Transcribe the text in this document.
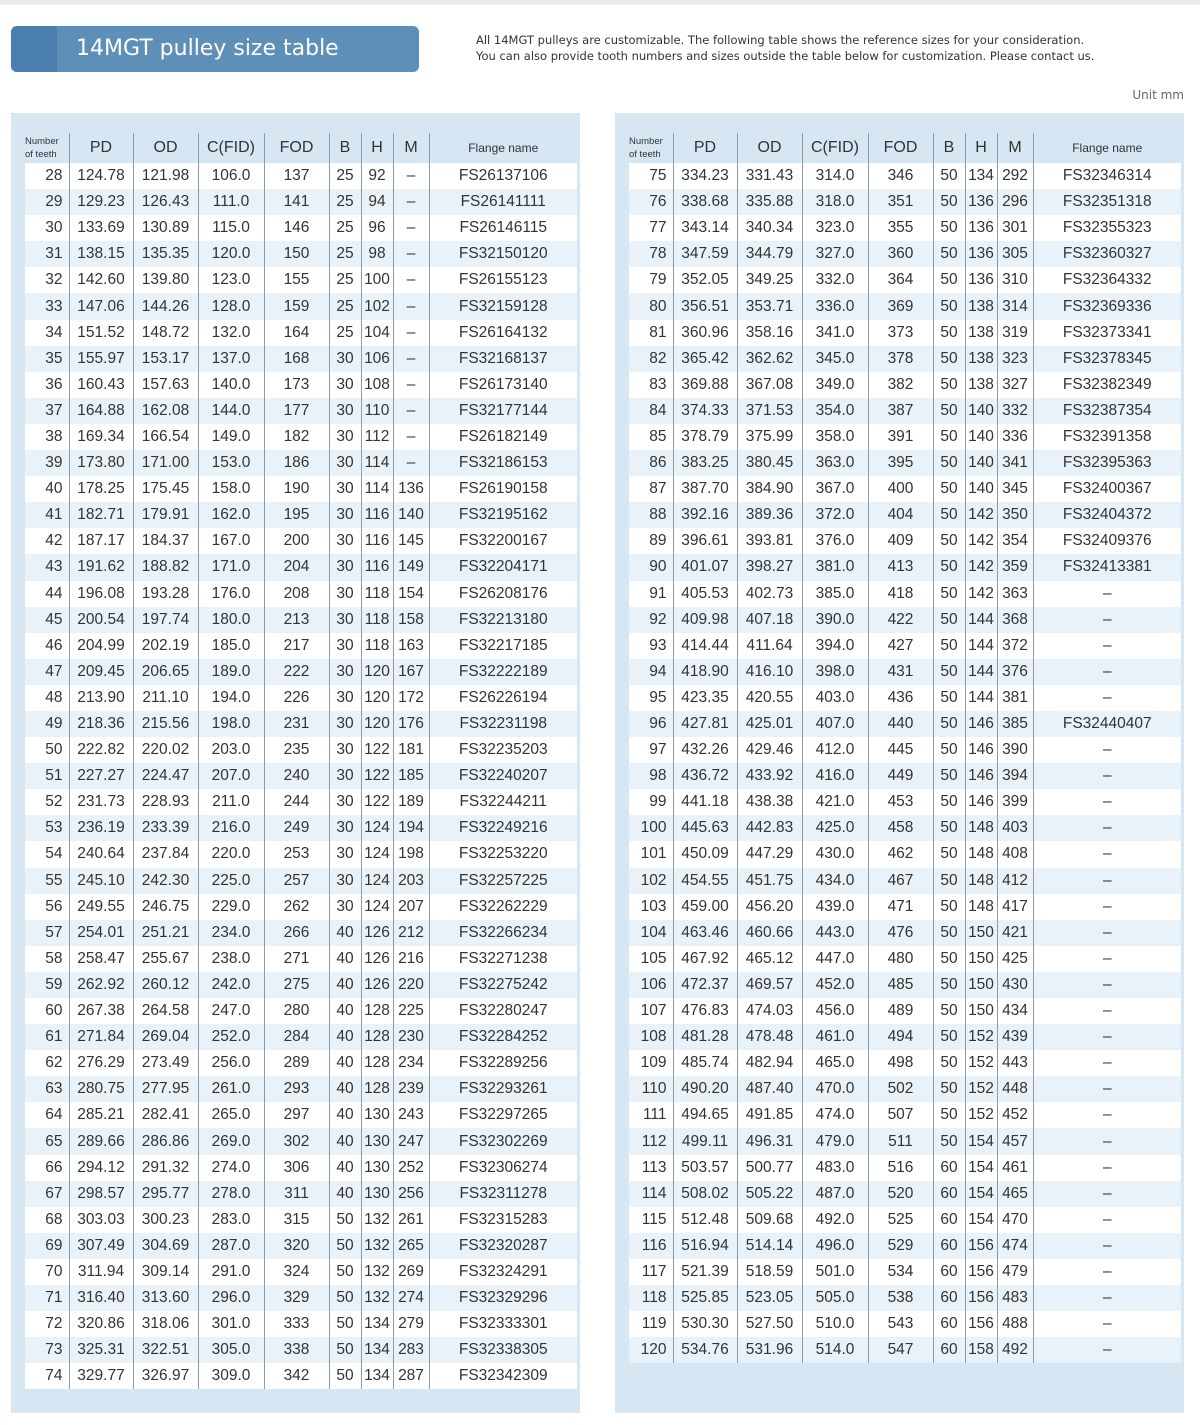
14MGT pulley size table	All 14MGT pulleys are customizable. The following table shows the reference sizes for your consideration.
You can also provide tooth numbers and sizes outside the table below for customization. Please contact us.
Unit mm
Number
of teeth	PD	OD	C(FID)	FOD	B	H	M	Flange name
28	124.78	121.98	106.0	137	25	92	–	FS26137106
29	129.23	126.43	111.0	141	25	94	–	FS26141111
30	133.69	130.89	115.0	146	25	96	–	FS26146115
31	138.15	135.35	120.0	150	25	98	–	FS32150120
32	142.60	139.80	123.0	155	25	100	–	FS26155123
33	147.06	144.26	128.0	159	25	102	–	FS32159128
34	151.52	148.72	132.0	164	25	104	–	FS26164132
35	155.97	153.17	137.0	168	30	106	–	FS32168137
36	160.43	157.63	140.0	173	30	108	–	FS26173140
37	164.88	162.08	144.0	177	30	110	–	FS32177144
38	169.34	166.54	149.0	182	30	112	–	FS26182149
39	173.80	171.00	153.0	186	30	114	–	FS32186153
40	178.25	175.45	158.0	190	30	114	136	FS26190158
41	182.71	179.91	162.0	195	30	116	140	FS32195162
42	187.17	184.37	167.0	200	30	116	145	FS32200167
43	191.62	188.82	171.0	204	30	116	149	FS32204171
44	196.08	193.28	176.0	208	30	118	154	FS26208176
45	200.54	197.74	180.0	213	30	118	158	FS32213180
46	204.99	202.19	185.0	217	30	118	163	FS32217185
47	209.45	206.65	189.0	222	30	120	167	FS32222189
48	213.90	211.10	194.0	226	30	120	172	FS26226194
49	218.36	215.56	198.0	231	30	120	176	FS32231198
50	222.82	220.02	203.0	235	30	122	181	FS32235203
51	227.27	224.47	207.0	240	30	122	185	FS32240207
52	231.73	228.93	211.0	244	30	122	189	FS32244211
53	236.19	233.39	216.0	249	30	124	194	FS32249216
54	240.64	237.84	220.0	253	30	124	198	FS32253220
55	245.10	242.30	225.0	257	30	124	203	FS32257225
56	249.55	246.75	229.0	262	30	124	207	FS32262229
57	254.01	251.21	234.0	266	40	126	212	FS32266234
58	258.47	255.67	238.0	271	40	126	216	FS32271238
59	262.92	260.12	242.0	275	40	126	220	FS32275242
60	267.38	264.58	247.0	280	40	128	225	FS32280247
61	271.84	269.04	252.0	284	40	128	230	FS32284252
62	276.29	273.49	256.0	289	40	128	234	FS32289256
63	280.75	277.95	261.0	293	40	128	239	FS32293261
64	285.21	282.41	265.0	297	40	130	243	FS32297265
65	289.66	286.86	269.0	302	40	130	247	FS32302269
66	294.12	291.32	274.0	306	40	130	252	FS32306274
67	298.57	295.77	278.0	311	40	130	256	FS32311278
68	303.03	300.23	283.0	315	50	132	261	FS32315283
69	307.49	304.69	287.0	320	50	132	265	FS32320287
70	311.94	309.14	291.0	324	50	132	269	FS32324291
71	316.40	313.60	296.0	329	50	132	274	FS32329296
72	320.86	318.06	301.0	333	50	134	279	FS32333301
73	325.31	322.51	305.0	338	50	134	283	FS32338305
74	329.77	326.97	309.0	342	50	134	287	FS32342309
Number
of teeth	PD	OD	C(FID)	FOD	B	H	M	Flange name
75	334.23	331.43	314.0	346	50	134	292	FS32346314
76	338.68	335.88	318.0	351	50	136	296	FS32351318
77	343.14	340.34	323.0	355	50	136	301	FS32355323
78	347.59	344.79	327.0	360	50	136	305	FS32360327
79	352.05	349.25	332.0	364	50	136	310	FS32364332
80	356.51	353.71	336.0	369	50	138	314	FS32369336
81	360.96	358.16	341.0	373	50	138	319	FS32373341
82	365.42	362.62	345.0	378	50	138	323	FS32378345
83	369.88	367.08	349.0	382	50	138	327	FS32382349
84	374.33	371.53	354.0	387	50	140	332	FS32387354
85	378.79	375.99	358.0	391	50	140	336	FS32391358
86	383.25	380.45	363.0	395	50	140	341	FS32395363
87	387.70	384.90	367.0	400	50	140	345	FS32400367
88	392.16	389.36	372.0	404	50	142	350	FS32404372
89	396.61	393.81	376.0	409	50	142	354	FS32409376
90	401.07	398.27	381.0	413	50	142	359	FS32413381
91	405.53	402.73	385.0	418	50	142	363	–
92	409.98	407.18	390.0	422	50	144	368	–
93	414.44	411.64	394.0	427	50	144	372	–
94	418.90	416.10	398.0	431	50	144	376	–
95	423.35	420.55	403.0	436	50	144	381	–
96	427.81	425.01	407.0	440	50	146	385	FS32440407
97	432.26	429.46	412.0	445	50	146	390	–
98	436.72	433.92	416.0	449	50	146	394	–
99	441.18	438.38	421.0	453	50	146	399	–
100	445.63	442.83	425.0	458	50	148	403	–
101	450.09	447.29	430.0	462	50	148	408	–
102	454.55	451.75	434.0	467	50	148	412	–
103	459.00	456.20	439.0	471	50	148	417	–
104	463.46	460.66	443.0	476	50	150	421	–
105	467.92	465.12	447.0	480	50	150	425	–
106	472.37	469.57	452.0	485	50	150	430	–
107	476.83	474.03	456.0	489	50	150	434	–
108	481.28	478.48	461.0	494	50	152	439	–
109	485.74	482.94	465.0	498	50	152	443	–
110	490.20	487.40	470.0	502	50	152	448	–
111	494.65	491.85	474.0	507	50	152	452	–
112	499.11	496.31	479.0	511	50	154	457	–
113	503.57	500.77	483.0	516	60	154	461	–
114	508.02	505.22	487.0	520	60	154	465	–
115	512.48	509.68	492.0	525	60	154	470	–
116	516.94	514.14	496.0	529	60	156	474	–
117	521.39	518.59	501.0	534	60	156	479	–
118	525.85	523.05	505.0	538	60	156	483	–
119	530.30	527.50	510.0	543	60	156	488	–
120	534.76	531.96	514.0	547	60	158	492	–
